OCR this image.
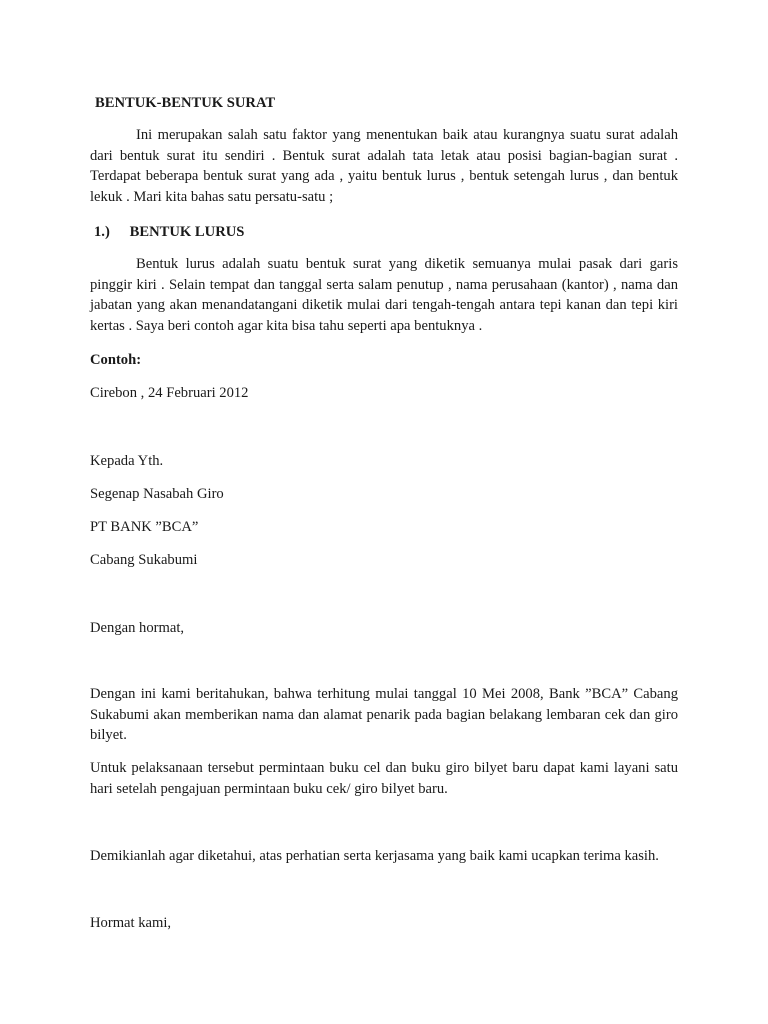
BENTUK-BENTUK SURAT

Ini merupakan salah satu faktor yang menentukan baik atau kurangnya suatu surat adalah dari bentuk surat itu sendiri . Bentuk surat adalah tata letak atau posisi bagian-bagian surat . Terdapat beberapa bentuk surat yang ada , yaitu bentuk lurus , bentuk setengah lurus , dan bentuk lekuk . Mari kita bahas satu persatu-satu ;

1.) BENTUK LURUS

Bentuk lurus adalah suatu bentuk surat yang diketik semuanya mulai pasak dari garis pinggir kiri . Selain tempat dan tanggal serta salam penutup , nama perusahaan (kantor) , nama dan jabatan yang akan menandatangani diketik mulai dari tengah-tengah antara tepi kanan dan tepi kiri kertas . Saya beri contoh agar kita bisa tahu seperti apa bentuknya .

Contoh:

Cirebon , 24 Februari 2012

Kepada Yth.

Segenap Nasabah Giro

PT BANK ”BCA”

Cabang Sukabumi

Dengan hormat,

Dengan ini kami beritahukan, bahwa terhitung mulai tanggal 10 Mei 2008, Bank ”BCA” Cabang Sukabumi akan memberikan nama dan alamat penarik pada bagian belakang lembaran cek dan giro bilyet.

Untuk pelaksanaan tersebut permintaan buku cel dan buku giro bilyet baru dapat kami layani satu hari setelah pengajuan permintaan buku cek/ giro bilyet baru.

Demikianlah agar diketahui, atas perhatian serta kerjasama yang baik kami ucapkan terima kasih.

Hormat kami,
